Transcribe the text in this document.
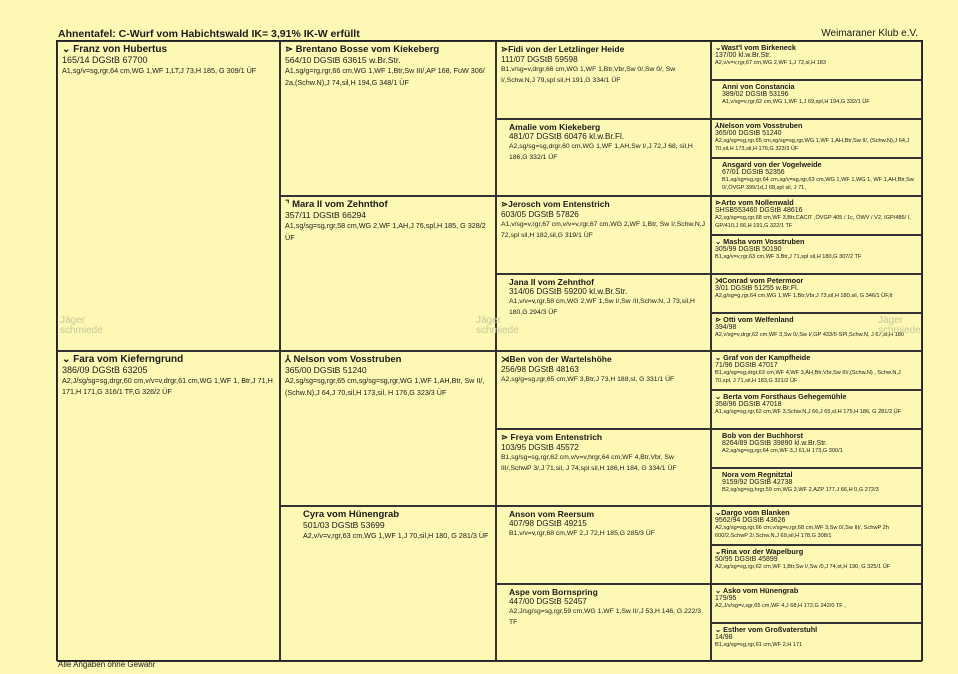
Ahnentafel: C-Wurf vom Habichtswald IK= 3,91% IK-W erfüllt	Weimaraner Klub e.V.
⌄ Franz von Hubertus
165/14 DGStB 67700
A1,sg/v=sg,rgr,64 cm,WG 1,WF 1,LT,J 73,H 185, G 309/1 ÜF
⌄ Fara vom Kieferngrund
386/09 DGStB 63205
A2,J/sg/sg=sg,drgr,60 cm,v/v=v,drgr,61 cm,WG 1,WF 1, Btr,J 71,H 171,H 171,G 316/1 TF,G 326/2 ÜF
⋗ Brentano Bosse vom Kiekeberg
564/10 DGStB 63615 w.Br.Str.
A1,sg/g=rg,rgr,66 cm,WG 1,WF 1,Btr,Sw III/,AP 168, FuW 306/ 2a,(Schw.N),J 74,sil,H 194,G 348/1 ÜF
⌝ Mara II vom Zehnthof
357/11 DGStB 66294
A1,sg/sg=sg,rgr,58 cm,WG 2,WF 1,AH,J 76,spl,H 185, G 328/2 ÜF
⅄ Nelson vom Vosstruben
365/00 DGStB 51240
A2,sg/sg=sg,rgr,65 cm,sg/sg=sg,rgr,WG 1,WF 1,AH,Btr, Sw II/,(Schw.N),J 64,J 70,sil,H 173,sil, H 176,G 323/3 ÜF
Cyra vom Hünengrab
501/03 DGStB 53699
A2,v/v=v,rgr,63 cm,WG 1,WF 1,J 70,sil,H 180, G 281/3 ÜF
⋗Fidi von der Letzlinger Heide
111/07 DGStB 59598
B1,v/sg=v,drgr,66 cm,WG 1,WF 1,Btr,Vbr,Sw 0/,Sw 0/, Sw I/,Schw.N,J 79,spl sil,H 191,G 334/1 ÜF
Amalie vom Kiekeberg
481/07 DGStB 60476 kl.w.Br.Fl.
A2,sg/sg=sg,drgr,60 cm,WG 1,WF 1,AH,Sw I/,J 72,J 68, sil,H 186,G 332/1 ÜF
⋗Jerosch vom Entenstrich
603/05 DGStB 57826
A1,v/sg=v,rgr,67 cm,v/v=v,rgr,67 cm,WG 2,WF 1,Btr, Sw I/,Schw.N,J 72,spl sil,H 182,sil,G 319/1 ÜF
Jana II vom Zehnthof
314/06 DGStB 59200 kl.w.Br.Str.
A1,v/v=v,rgr,58 cm,WG 2,WF 1,Sw I/,Sw /II,Schw.N, J 73,sil,H 180,G 294/3 ÜF
⋊Ben von der Wartelshöhe
256/98 DGStB 48163
A2,sg/g=sg,rgr,65 cm,WF 3,Btr,J 73,H 188,sl, G 331/1 ÜF
⋗ Freya vom Entenstrich
103/95 DGStB 45572
B1,sg/sg=sg,rgr,62 cm,v/v=v,hrgr,64 cm,WF 4,Btr,Vbr, Sw III/,SchwP 3/,J 71,sil, J 74,spl sil,H 186,H 184, G 334/1 ÜF
Anson vom Reersum
407/98 DGStB 49215
B1,v/v=v,rgr,68 cm,WF 2,J 72,H 185,G 285/3 ÜF
Aspe vom Bornspring
447/00 DGStB 52457
A2,J/sg/sg=sg,rgr,59 cm,WG 1,WF 1,Sw II/,J 53,H 146, G 222/3 TF
⌄Wast'l vom Birkeneck
137/00 kl.w.Br.Str.
A2,v/v=v,rgr,67 cm,WG 2,WF 1,J 72,sl,H 183
Anni von Constancia
389/02 DGStB 53196
A1,v/sg=v,rgr,62 cm,WG 1,WF 1,J 69,spl,H 194,G 332/1 ÜF
⅄Nelson vom Vosstruben
365/00 DGStB 51240
A2,sg/sg=sg,rgr,65 cm,sg/sg=sg,rgr,WG 1,WF 1,AH,Btr,Sw II/, (Schw.N),J 64,J 70,sil,H 173,sil,H 176,G 323/3 ÜF
Ansgard von der Vogelweide
67/01 DGStB 52356
B1,sg/sg=sg,rgr,64 cm,sg/v=sg,rgr,63 cm,WG 1,WF 1,WG 1, WF 1,AH,Btr,Sw 0/,ÖVGP 399/1d,J 68,spl sil, J 71,
⋗Arto vom Nollenwald
SHSB553460 DGStB 48616
A2,sg/sg=sg,rgr,68 cm,WF 3,Btr,CACIT ,ÖVGP 405 / 1c, ÖWV / V2, IGP/486/ I, GP/410,J 66,H 191,G 322/1 TF
⌄ Masha vom Vosstruben
305/99 DGStB 50190
B1,sg/v=v,rgr,63 cm,WF 3,Btr,J 71,spl sil,H 180,G 307/2 TF
⋊Conrad vom Petermoor
3/01 DGStB 51255 w.Br.Fl.
A2,g/sg=g,rgr,64 cm,WG 1,WF 1,Btr,Vbr,J 73,sil,H 180,sil, G 346/1 ÜF,lt
⋗ Otti vom Welfenland
394/98
A2,v/sg=v,drgr,62 cm,WF 3,Sw 0/,Sw I/,GP 433/II-SPl,Schw.N, J 67,st,H 180
⌄ Graf von der Kampfheide
71/96 DGStB 47017
B1,sg/sg=sg,drgr,63 cm,WF 4,WF 3,AH,Btr,Vbr,Sw III/,(Schw.N) , Schw.N,J 70,spl, J 71,sil,H 183,G 321/2 ÜF
⌄ Berta vom Forsthaus Gehegemühle
358/96 DGStB 47018
A1,sg/sg=sg,rgr,62 cm,WF 3,Schw.N,J 66,J 65,sl,H 175,H 186, G 281/2 ÜF
Bob von der Buchhorst
8264/89 DGStB 39890 kl.w.Br.Str.
A2,sg/sg=sg,rgr,64 cm,WF 3,J 61,H 173,G 300/1
Nora vom Regnitztal
9159/92 DGStB 42738
B2,sg/sg=sg,hrgr,59 cm,WG 3,WF 2,AZP 177,J 66,H 0,G 272/3
⌄Dargo vom Blanken
9562/94 DGStB 43626
A2,sg/sg=sg,rgr,66 cm,v/sg=v,rgr,68 cm,WF 3,Sw 0/,Sw III/, SchwP 2h 600/2,SchwP 2/,Schw.N,J 69,sil,H 178,G 308/1
⌄Rina vor der Wapelburg
50/95 DGStB 45899
A2,sg/sg=sg,rgr,62 cm,WF 1,Btr,Sw I/,Sw /0,J 74,st,H 190, G 325/1 ÜF
⌄ Asko vom Hünengrab
179/95
A2,J/v/sg=v,sgr,65 cm,WF 4,J 68,H 172,G 242/0 TF ,
⌄ Esther vom Großvaterstuhl
14/98
B1,sg/sg=sg,rgr,61 cm,WF 2,H 171
Jäger
schmiede
Jäger
schmiede
Jäger
schmiede
Alle Angaben ohne Gewähr
